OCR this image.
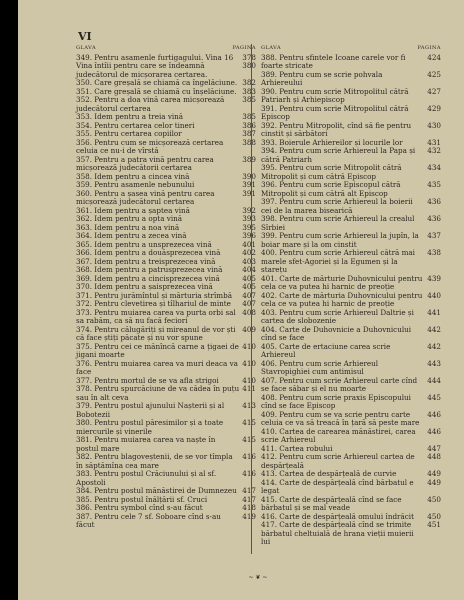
VI
GLAVA	PAGINA
349. Pentru asamenle furtigagului. Vina 16	378
Vina întîii pentru care se îndeamnă judecătorul de micșorarea certarea.
380
350. Care greșală se chiamă ca îngelăciune. 382
351. Care greșală se chiamă cu înșelăciune. 383
352. Pentru a doa vină carea micșorează judecătorul certarea
385
353. Idem pentru a treia vină	385
354. Pentru certarea celor tineri	386
355. Pentru certarea copiilor	387
356. Pentru cum se micșorează certarea celuia ce nu-i de vîrstă
388
357. Pentru a patra vină pentru carea micșorează judecătorii certarea
389
358. Idem pentru a cincea vină	390
359. Pentru asamenle nebunului	391
360. Pentru a șasea vină pentru carea micșorează judecătorul certarea
391
361. Idem pentru a șaptea vină	392
362. Idem pentru a opta vină	393
363. Idem pentru a noa vină	395
364. Idem pentru a zecea vină	396
365. Idem pentru a unsprezecea vină	401
366. Idem pentru a douăsprezecea vină	402
367. Idem pentru a treisprezecea vină	403
368. Idem pentru a patrusprezecea vină	404
369. Idem pentru a cincisprezecea vină	405
370. Idem pentru a șaisprezecea vină	405
371. Pentru jurămîntul și mărturia strîmbă	407
372. Pentru clevetirea și tîlhariul de minte	407
373. Pentru muiarea carea va purta orbi sal sa rabăm, ca să nu facă feciori
408
374. Pentru călugăriți și mireanul de vor ști că face știți păcate și nu vor spune
409
375. Pentru cei ce mănîncă carne a țigaei de jigani moarte
410
376. Pentru muiarea carea va muri deaca va face
410
377. Pentru mortul de se va afla strigoi	410
378. Pentru spurcăciune de va cădea în puțu sau în alt ceva
411
379. Pentru postul ajunului Nașterii și al Bobotezii
413
380. Pentru postul păresimilor și a toate miercurile și vinerile
415
381. Pentru muiarea carea va naște în postul mare
415
382. Pentru blagoveștenii, de se vor tîmpla în săptămîna cea mare
416
383. Pentru postul Crăciunului și al sf. Apostoli
416
384. Pentru postul mănăstirei de Dumnezeu 417
385. Pentru postul înălțării sf. Cruci	417
386. Pentru symbol cînd s-au făcut	418
387. Pentru cele 7 sf. Soboare cînd s-au făcut
419
GLAVA	PAGINA
388. Pentru sfintele Icoane carele vor fi foarte stricate
424
389. Pentru cum se scrie pohvala Arhiereului
425
390. Pentru cum scrie Mitropolitul cătră Patriarh și Arhiepiscop
427
391. Pentru cum scrie Mitropolitul cătră Episcop
429
392. Pentru Mitropolit, cînd să fie pentru cinstit și sărbători
430
393. Boierule Arhiereilor și locurile lor	431
394. Pentru cum scrie Arhiereul la Papa și cătră Patriarh
432
395. Pentru cum scrie Mitropolit cătră Mitropolit și cum cătră Episcop
434
396. Pentru cum scrie Episcopul cătră Mitropolit și cum cătră alt Episcop
435
397. Pentru cum scrie Arhiereul la boierii cei de la marea bisearică
436
398. Pentru cum scrie Arhiereul la crealul Sîrbiei
436
399. Pentru cum scrie Arhiereul la jupîn, la boiar mare și la om cinstit
437
400. Pentru cum scrie Arhiereul cătră mai marele sfet-Agoriei și la Egumen și la starețu
438
401. Carte de mărturie Duhovnicului pentru cela ce va putea hi harnic de preoție
439
402. Carte de mărturia Duhovnicului pentru cela ce va putea hi harnic de preoție
440
403. Pentru cum scrie Arhiereul Daltrie și cartea de slobozenie
441
404. Carte de Duhovnicie a Duhovnicului cînd se face
442
405. Carte de ertaciune carea scrie Arhiereul
442
406. Pentru cum scrie Arhiereul Stavropighiei cum antimisul
443
407. Pentru cum scrie Arhiereul carte cînd se face săbar și el nu moarte
444
408. Pentru cum scrie praxis Episcopului cînd se face Episcop
445
409. Pentru cum se va scrie pentru carte celuia ce va să treacă în țară să peste mare
446
410. Cartea de carearea mănăstirei, carea scrie Arhiereul
446
411. Cartea robului	447
412. Pentru cum scrie Arhiereul cartea de despărțeală
448
413. Cartea de despărțeală de curvie	449
414. Carte de despărțeală cînd bărbatul e legat
449
415. Carte de despărțeală cînd se face bărbatul și se mal veade
450
416. Carte de despărțeală omului îndrăcit	450
417. Carte de despărțeală cînd se trimite bărbatul cheltuială de hrana vieții muierii lui
451
~ ❦ ~
